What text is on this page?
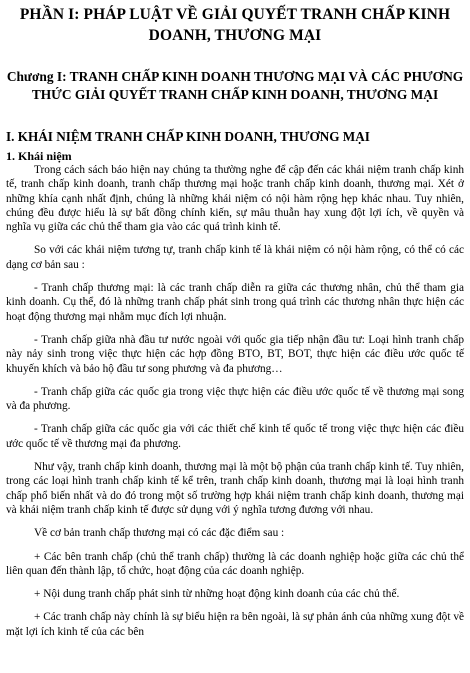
PHẦN I: PHÁP LUẬT VỀ GIẢI QUYẾT TRANH CHẤP KINH DOANH, THƯƠNG MẠI
Chương I: TRANH CHẤP KINH DOANH THƯƠNG MẠI VÀ CÁC PHƯƠNG THỨC GIẢI QUYẾT TRANH CHẤP KINH DOANH, THƯƠNG MẠI
I. KHÁI NIỆM TRANH CHẤP KINH DOANH, THƯƠNG MẠI
1. Khái niệm

Trong cách sách báo hiện nay chúng ta thường nghe để cập đến các khái niệm tranh chấp kinh tế, tranh chấp kinh doanh, tranh chấp thương mại hoặc tranh chấp kinh doanh, thương mại. Xét ở những khía cạnh nhất định, chúng là những khái niệm có nội hàm rộng hẹp khác nhau. Tuy nhiên, chúng đều được hiểu là sự bất đồng chính kiến, sự mâu thuẫn hay xung đột lợi ích, về quyền và nghĩa vụ giữa các chủ thể tham gia vào các quá trình kinh tế.

So với các khái niệm tương tự, tranh chấp kinh tế là khái niệm có nội hàm rộng, có thể có các dạng cơ bản sau :

- Tranh chấp thương mại: là các tranh chấp diễn ra giữa các thương nhân, chủ thể tham gia kinh doanh. Cụ thể, đó là những tranh chấp phát sinh trong quá trình các thương nhân thực hiện các hoạt động thương mại nhằm mục đích lợi nhuận.

- Tranh chấp giữa nhà đầu tư nước ngoài với quốc gia tiếp nhận đầu tư: Loại hình tranh chấp này nảy sinh trong việc thực hiện các hợp đồng BTO, BT, BOT, thực hiện các điều ước quốc tế khuyến khích và bảo hộ đầu tư song phương và đa phương…

- Tranh chấp giữa các quốc gia trong việc thực hiện các điều ước quốc tế về thương mại song và đa phương.

- Tranh chấp giữa các quốc gia với các thiết chế kinh tế quốc tế trong việc thực hiện các điều ước quốc tế về thương mại đa phương.

Như vậy, tranh chấp kinh doanh, thương mại là một bộ phận của tranh chấp kinh tế. Tuy nhiên, trong các loại hình tranh chấp kinh tế kể trên, tranh chấp kinh doanh, thương mại là loại hình tranh chấp phổ biến nhất và do đó trong một số trường hợp khái niệm tranh chấp kinh doanh, thương mại và khái niệm tranh chấp kinh tế được sử dụng với ý nghĩa tương đương với nhau.

Về cơ bản tranh chấp thương mại có các đặc điểm sau :

+ Các bên tranh chấp (chủ thể tranh chấp) thường là các doanh nghiệp hoặc giữa các chủ thể liên quan đến thành lập, tổ chức, hoạt động của các doanh nghiệp.

+ Nội dung tranh chấp phát sinh từ những hoạt động kinh doanh của các chủ thể.

+ Các tranh chấp này chính là sự biểu hiện ra bên ngoài, là sự phản ánh của những xung đột về mặt lợi ích kinh tế của các bên
